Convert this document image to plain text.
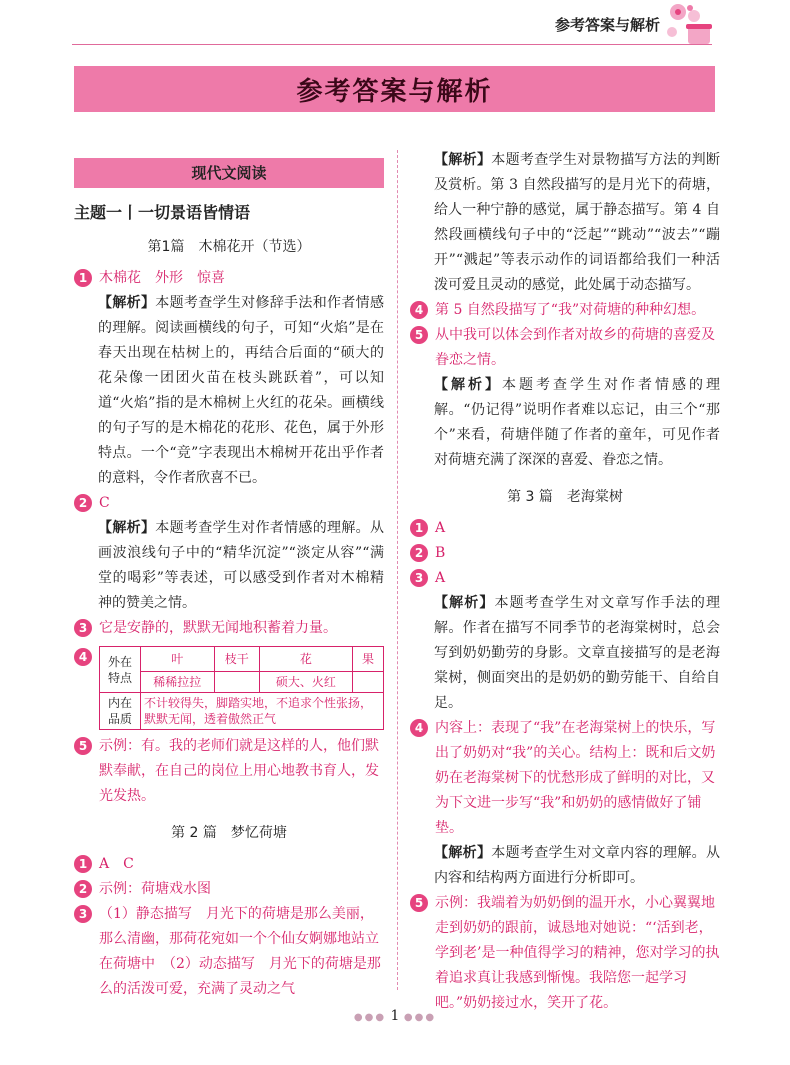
参考答案与解析
参考答案与解析
现代文阅读
主题一丨一切景语皆情语
第1篇　木棉花开（节选）
1 木棉花　外形　惊喜
【解析】本题考查学生对修辞手法和作者情感的理解。阅读画横线的句子，可知“火焰”是在春天出现在枯树上的，再结合后面的“硕大的花朵像一团团火苗在枝头跳跃着”，可以知道“火焰”指的是木棉树上火红的花朵。画横线的句子写的是木棉花的花形、花色，属于外形特点。一个“竞”字表现出木棉树开花出乎作者的意料，令作者欣喜不已。
2 C
【解析】本题考查学生对作者情感的理解。从画波浪线句子中的“精华沉淀”“淡定从容”“满堂的喝彩”等表述，可以感受到作者对木棉精神的赞美之情。
3 它是安静的，默默无闻地积蓄着力量。
4	外在特点	叶	枝干	花	果
	稀稀拉拉		硕大、火红	
内在品质	不计较得失，脚踏实地，不追求个性张扬，默默无闻，透着傲然正气			
5 示例：有。我的老师们就是这样的人，他们默默奉献，在自己的岗位上用心地教书育人，发光发热。
第 2 篇　梦忆荷塘
1 A　C
2 示例：荷塘戏水图
3 （1）静态描写　月光下的荷塘是那么美丽，那么清幽，那荷花宛如一个个仙女婀娜地站立在荷塘中　（2）动态描写　月光下的荷塘是那么的活泼可爱，充满了灵动之气
【解析】本题考查学生对景物描写方法的判断及赏析。第 3 自然段描写的是月光下的荷塘，给人一种宁静的感觉，属于静态描写。第 4 自然段画横线句子中的“泛起”“跳动”“波去”“蹦开”“溅起”等表示动作的词语都给我们一种活泼可爱且灵动的感觉，此处属于动态描写。
4 第 5 自然段描写了“我”对荷塘的种种幻想。
5 从中我可以体会到作者对故乡的荷塘的喜爱及眷恋之情。
【解析】本题考查学生对作者情感的理解。“仍记得”说明作者难以忘记，由三个“那个”来看，荷塘伴随了作者的童年，可见作者对荷塘充满了深深的喜爱、眷恋之情。
第 3 篇　老海棠树
1 A
2 B
3 A
【解析】本题考查学生对文章写作手法的理解。作者在描写不同季节的老海棠树时，总会写到奶奶勤劳的身影。文章直接描写的是老海棠树，侧面突出的是奶奶的勤劳能干、自给自足。
4 内容上：表现了“我”在老海棠树上的快乐，写出了奶奶对“我”的关心。结构上：既和后文奶奶在老海棠树下的忧愁形成了鲜明的对比，又为下文进一步写“我”和奶奶的感情做好了铺垫。
【解析】本题考查学生对文章内容的理解。从内容和结构两方面进行分析即可。
5 示例：我端着为奶奶倒的温开水，小心翼翼地走到奶奶的跟前，诚恳地对她说：“‘活到老，学到老’是一种值得学习的精神，您对学习的执着追求真让我感到惭愧。我陪您一起学习吧。”奶奶接过水，笑开了花。
●●● 1 ●●●
